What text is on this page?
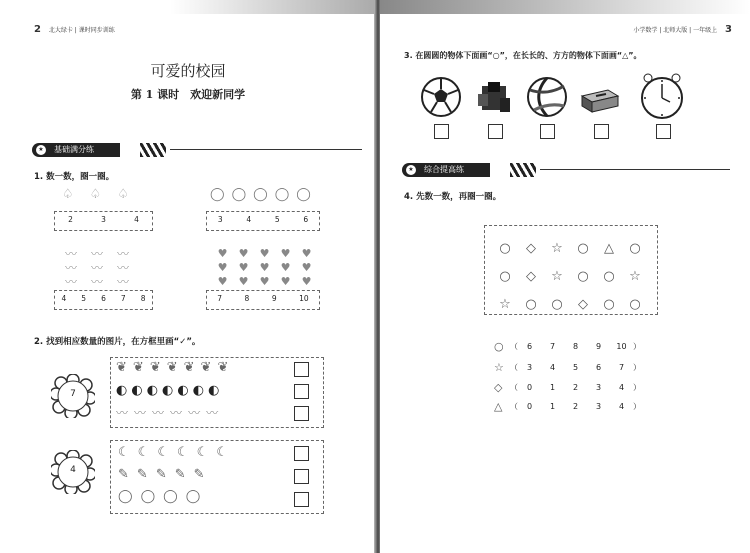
2 北大绿卡 | 课时同步训练
可爱的校园
第 1 课时　欢迎新同学
★ 基础满分练
1. 数一数，圈一圈。
♤ ♤ ♤
2	3	4
◯ ◯ ◯ ◯ ◯
3	4	5	6
〰 〰 〰
〰 〰 〰
〰 〰 〰
4 5 6 7 8
♥ ♥ ♥ ♥ ♥
♥ ♥ ♥ ♥ ♥
♥ ♥ ♥ ♥ ♥
7	8	9	10
2. 找到相应数量的图片，在方框里画“✓”。
7
❦ ❦ ❦ ❦ ❦ ❦ ❦
◐ ◐ ◐ ◐ ◐ ◐ ◐
〰 〰 〰 〰 〰 〰
4
☾ ☾ ☾ ☾ ☾ ☾
✎ ✎ ✎ ✎ ✎
◯ ◯ ◯ ◯
小学数学 | 北师大版 | 一年级上 3
3. 在圆圆的物体下面画“○”，在长长的、方方的物体下面画“△”。
★ 综合提高练
4. 先数一数，再圈一圈。
○ ◇ ☆ ○ △ ○
○ ◇ ☆ ○ ○ ☆
☆ ○ ○ ◇ ○ ○
○ （	6	7	8	9	10 ）
☆ （	3	4	5	6	7	）
◇ （	0	1	2	3	4	）
△ （	0	1	2	3	4	）
